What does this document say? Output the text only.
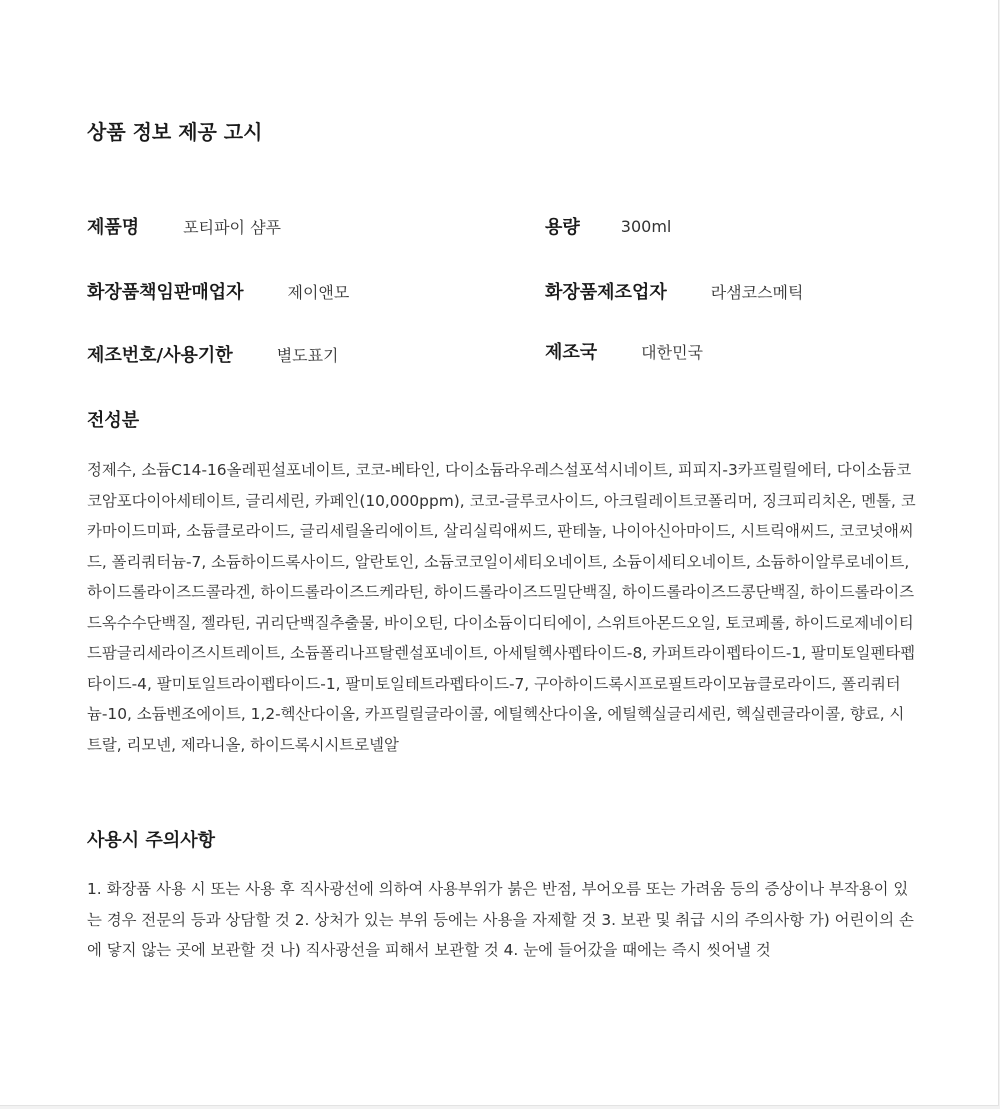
상품 정보 제공 고시
제품명	포티파이 샴푸	용량	300ml
화장품책임판매업자	제이앤모	화장품제조업자	라샘코스메틱
제조번호/사용기한	별도표기	제조국	대한민국
전성분

정제수, 소듐C14-16올레핀설포네이트, 코코-베타인, 다이소듐라우레스설포석시네이트, 피피지-3카프릴릴에터, 다이소듐코코암포다이아세테이트, 글리세린, 카페인(10,000ppm), 코코-글루코사이드, 아크릴레이트코폴리머, 징크피리치온, 멘톨, 코카마이드미파, 소듐클로라이드, 글리세릴올리에이트, 살리실릭애씨드, 판테놀, 나이아신아마이드, 시트릭애씨드, 코코넛애씨드, 폴리쿼터늄-7, 소듐하이드록사이드, 알란토인, 소듐코코일이세티오네이트, 소듐이세티오네이트, 소듐하이알루로네이트, 하이드롤라이즈드콜라겐, 하이드롤라이즈드케라틴, 하이드롤라이즈드밀단백질, 하이드롤라이즈드콩단백질, 하이드롤라이즈드옥수수단백질, 젤라틴, 귀리단백질추출물, 바이오틴, 다이소듐이디티에이, 스위트아몬드오일, 토코페롤, 하이드로제네이티드팜글리세라이즈시트레이트, 소듐폴리나프탈렌설포네이트, 아세틸헥사펩타이드-8, 카퍼트라이펩타이드-1, 팔미토일펜타펩타이드-4, 팔미토일트라이펩타이드-1, 팔미토일테트라펩타이드-7, 구아하이드록시프로필트라이모늄클로라이드, 폴리쿼터늄-10, 소듐벤조에이트, 1,2-헥산다이올, 카프릴릴글라이콜, 에틸헥산다이올, 에틸헥실글리세린, 헥실렌글라이콜, 향료, 시트랄, 리모넨, 제라니올, 하이드록시시트로넬알

사용시 주의사항

1. 화장품 사용 시 또는 사용 후 직사광선에 의하여 사용부위가 붉은 반점, 부어오름 또는 가려움 등의 증상이나 부작용이 있는 경우 전문의 등과 상담할 것 2. 상처가 있는 부위 등에는 사용을 자제할 것 3. 보관 및 취급 시의 주의사항 가) 어린이의 손에 닿지 않는 곳에 보관할 것 나) 직사광선을 피해서 보관할 것 4. 눈에 들어갔을 때에는 즉시 씻어낼 것
